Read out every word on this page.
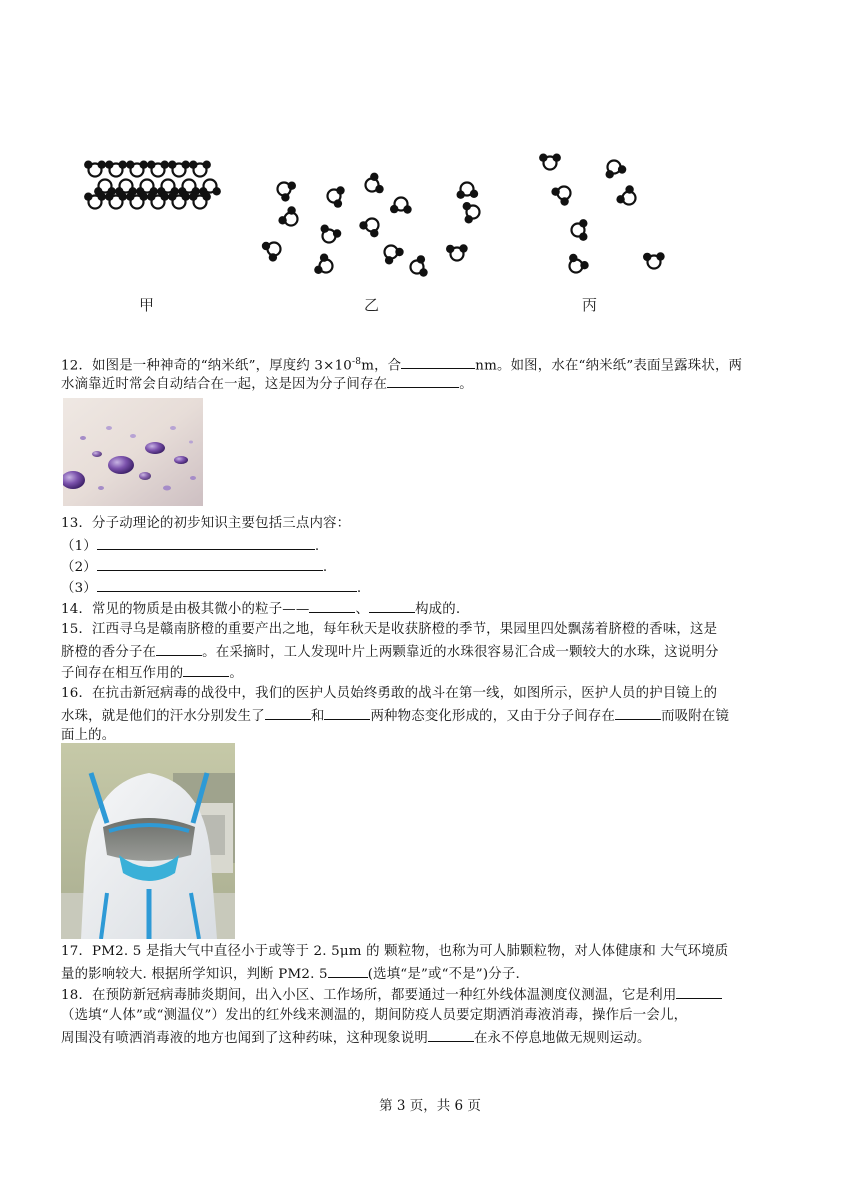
甲	乙	丙
12．如图是一种神奇的“纳米纸”，厚度约 $3\times 10^{-8}m$，合	nm。如图，水在“纳米纸”表面呈露珠状，两
水滴靠近时常会自动结合在一起，这是因为分子间存在	。
13．分子动理论的初步知识主要包括三点内容：
（1）	.
（2）	.
（3）	.
14．常见的物质是由极其微小的粒子——	、	构成的.
15．江西寻乌是赣南脐橙的重要产出之地，每年秋天是收获脐橙的季节，果园里四处飘荡着脐橙的香味，这是
脐橙的香分子在	。在采摘时，工人发现叶片上两颗靠近的水珠很容易汇合成一颗较大的水珠，这说明分
子间存在相互作用的	。
16．在抗击新冠病毒的战役中，我们的医护人员始终勇敢的战斗在第一线，如图所示，医护人员的护目镜上的
水珠，就是他们的汗水分别发生了	和	两种物态变化形成的，又由于分子间存在	而吸附在镜
面上的。
17．PM2. 5 是指大气中直径小于或等于 2. 5μm 的 颗粒物，也称为可人肺颗粒物，对人体健康和 大气环境质
量的影响较大. 根据所学知识，判断 PM2. 5	(选填“是”或“不是”)分子.
18．在预防新冠病毒肺炎期间，出入小区、工作场所，都要通过一种红外线体温测度仪测温，它是利用
（选填“人体”或“测温仪”）发出的红外线来测温的，期间防疫人员要定期洒消毒液消毒，操作后一会儿，
周围没有喷洒消毒液的地方也闻到了这种药味，这种现象说明	在永不停息地做无规则运动。
第 3 页，共 6 页
